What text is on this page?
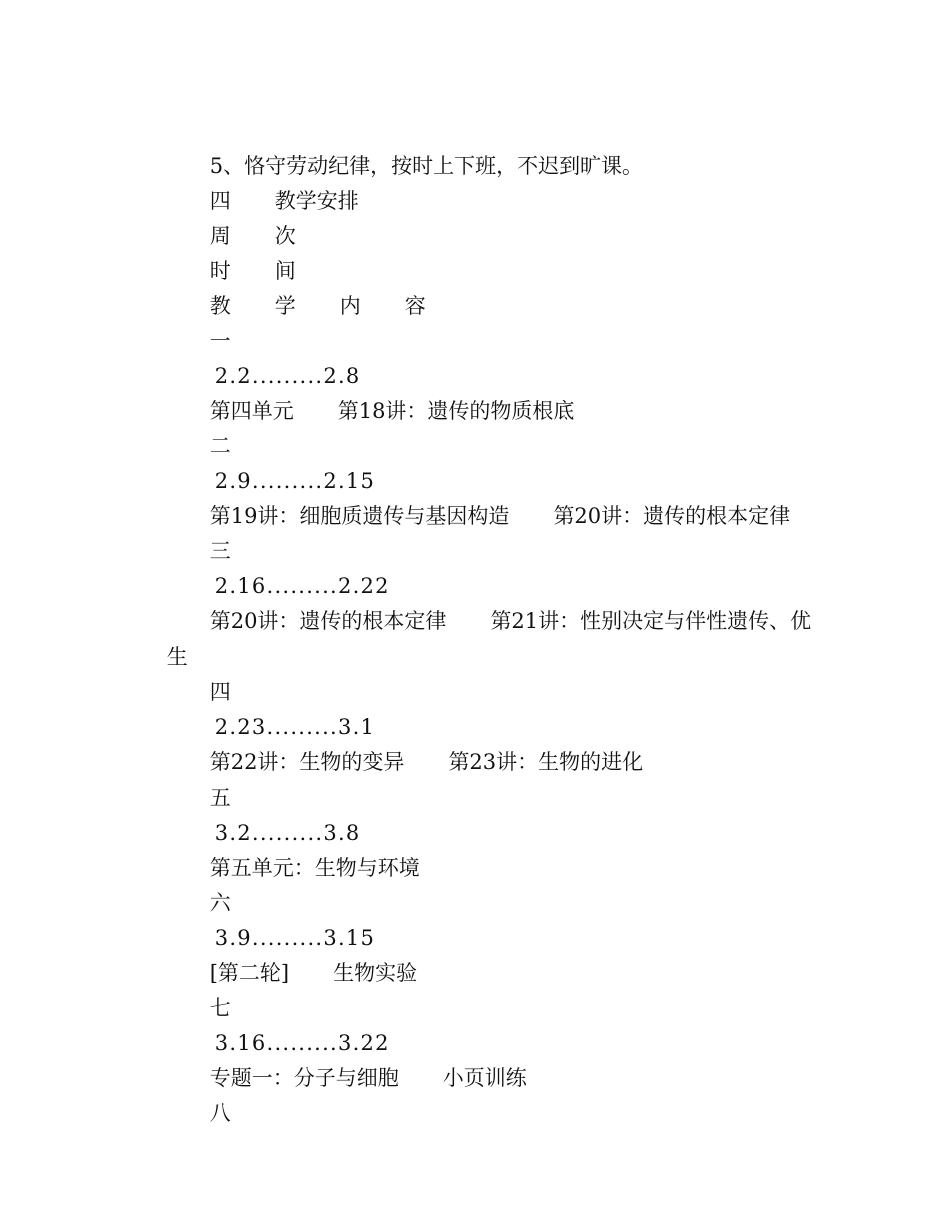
5、恪守劳动纪律，按时上下班，不迟到旷课。

四 教学安排

周 次

时 间

教 学 内 容

一

2.2.........2.8

第四单元 第18讲：遗传的物质根底

二

2.9.........2.15

第19讲：细胞质遗传与基因构造 第20讲：遗传的根本定律

三

2.16.........2.22

第20讲：遗传的根本定律 第21讲：性别决定与伴性遗传、优

生

四

2.23.........3.1

第22讲：生物的变异 第23讲：生物的进化

五

3.2.........3.8

第五单元：生物与环境

六

3.9.........3.15

[第二轮] 生物实验

七

3.16.........3.22

专题一：分子与细胞 小页训练

八
